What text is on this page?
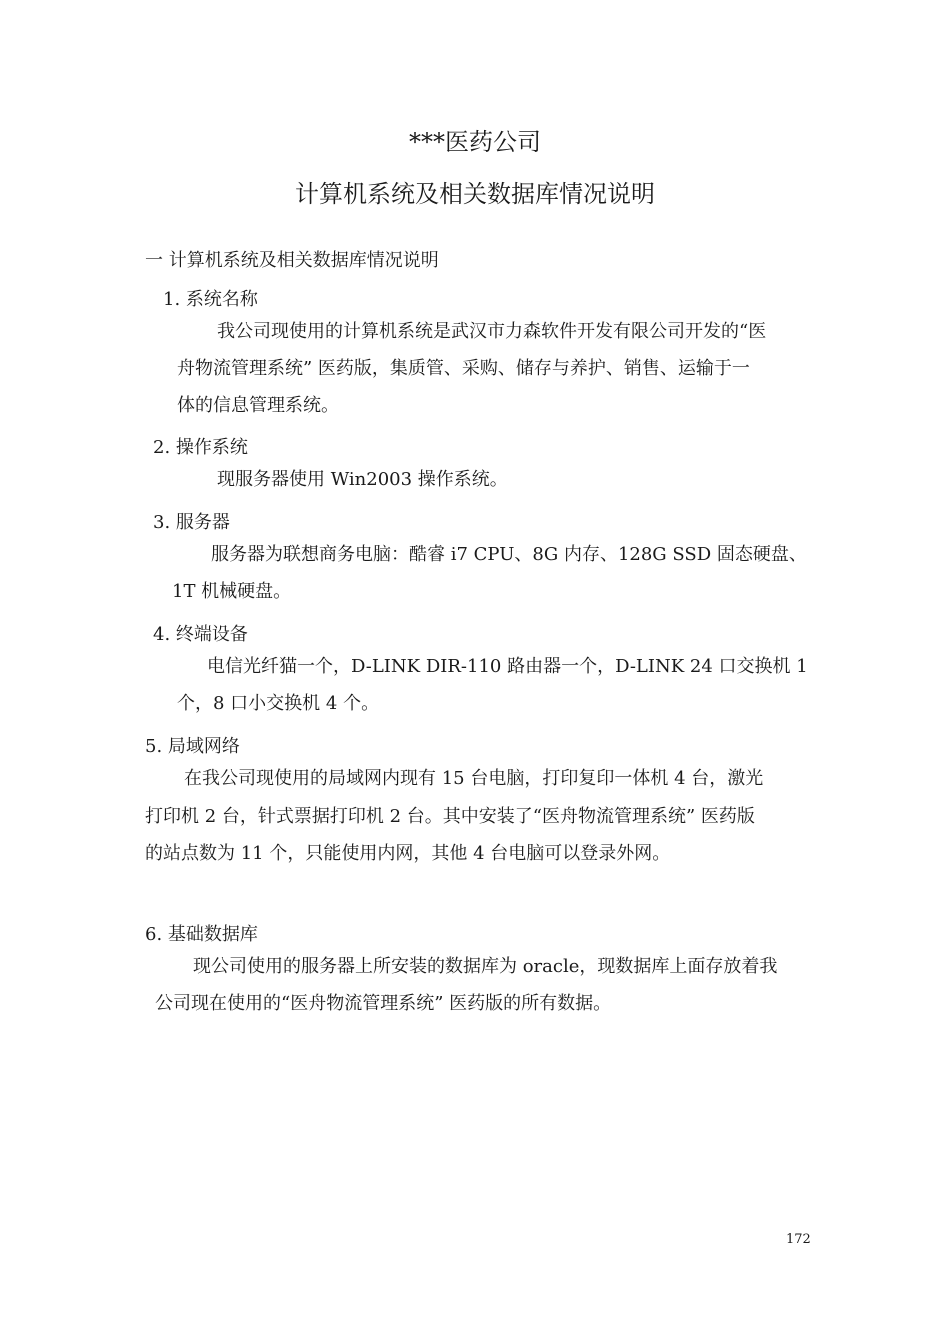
***医药公司
计算机系统及相关数据库情况说明
一 计算机系统及相关数据库情况说明
1. 系统名称
我公司现使用的计算机系统是武汉市力森软件开发有限公司开发的“医
舟物流管理系统” 医药版，集质管、采购、储存与养护、销售、运输于一
体的信息管理系统。
2. 操作系统
现服务器使用 Win2003 操作系统。
3. 服务器
服务器为联想商务电脑：酷睿 i7 CPU、8G 内存、128G SSD 固态硬盘、
1T 机械硬盘。
4. 终端设备
电信光纤猫一个，D-LINK DIR-110 路由器一个，D-LINK 24 口交换机 1
个，8 口小交换机 4 个。
5. 局域网络
在我公司现使用的局域网内现有 15 台电脑，打印复印一体机 4 台，激光
打印机 2 台，针式票据打印机 2 台。其中安装了“医舟物流管理系统” 医药版
的站点数为 11 个，只能使用内网，其他 4 台电脑可以登录外网。
6. 基础数据库
现公司使用的服务器上所安装的数据库为 oracle，现数据库上面存放着我
公司现在使用的“医舟物流管理系统” 医药版的所有数据。
172
